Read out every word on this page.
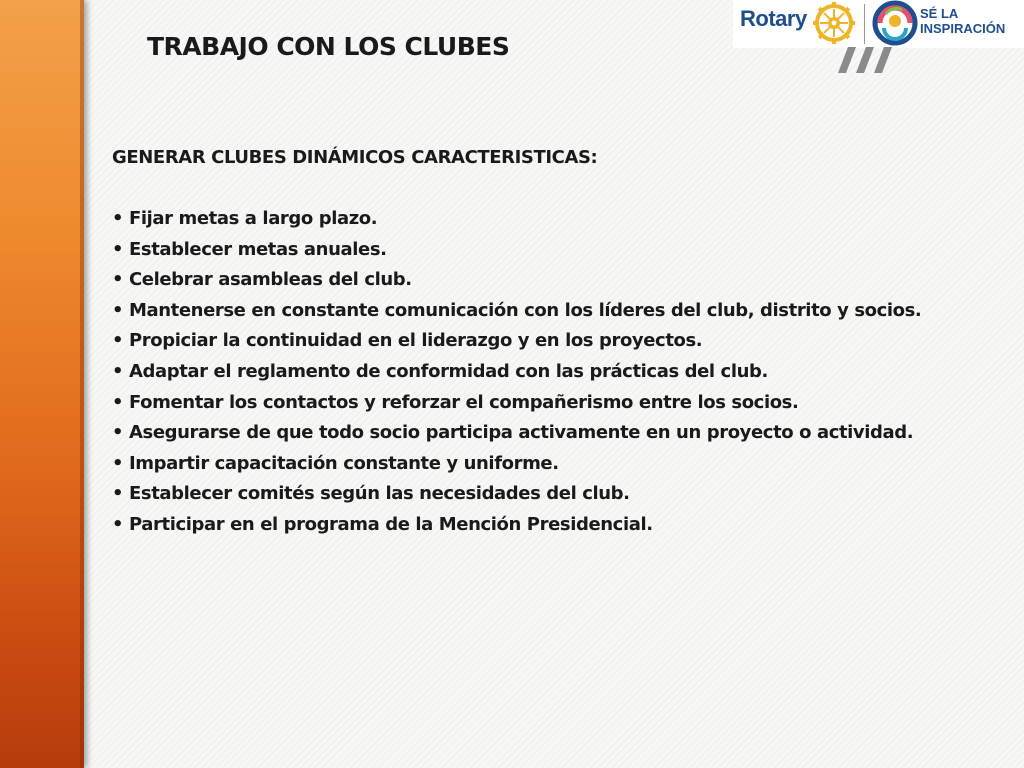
Rotary	SÉ LA
INSPIRACIÓN
TRABAJO CON LOS CLUBES
GENERAR CLUBES DINÁMICOS CARACTERISTICAS:
• Fijar metas a largo plazo.
• Establecer metas anuales.
• Celebrar asambleas del club.
• Mantenerse en constante comunicación con los líderes del club, distrito y socios.
• Propiciar la continuidad en el liderazgo y en los proyectos.
• Adaptar el reglamento de conformidad con las prácticas del club.
• Fomentar los contactos y reforzar el compañerismo entre los socios.
• Asegurarse de que todo socio participa activamente en un proyecto o actividad.
• Impartir capacitación constante y uniforme.
• Establecer comités según las necesidades del club.
• Participar en el programa de la Mención Presidencial.
